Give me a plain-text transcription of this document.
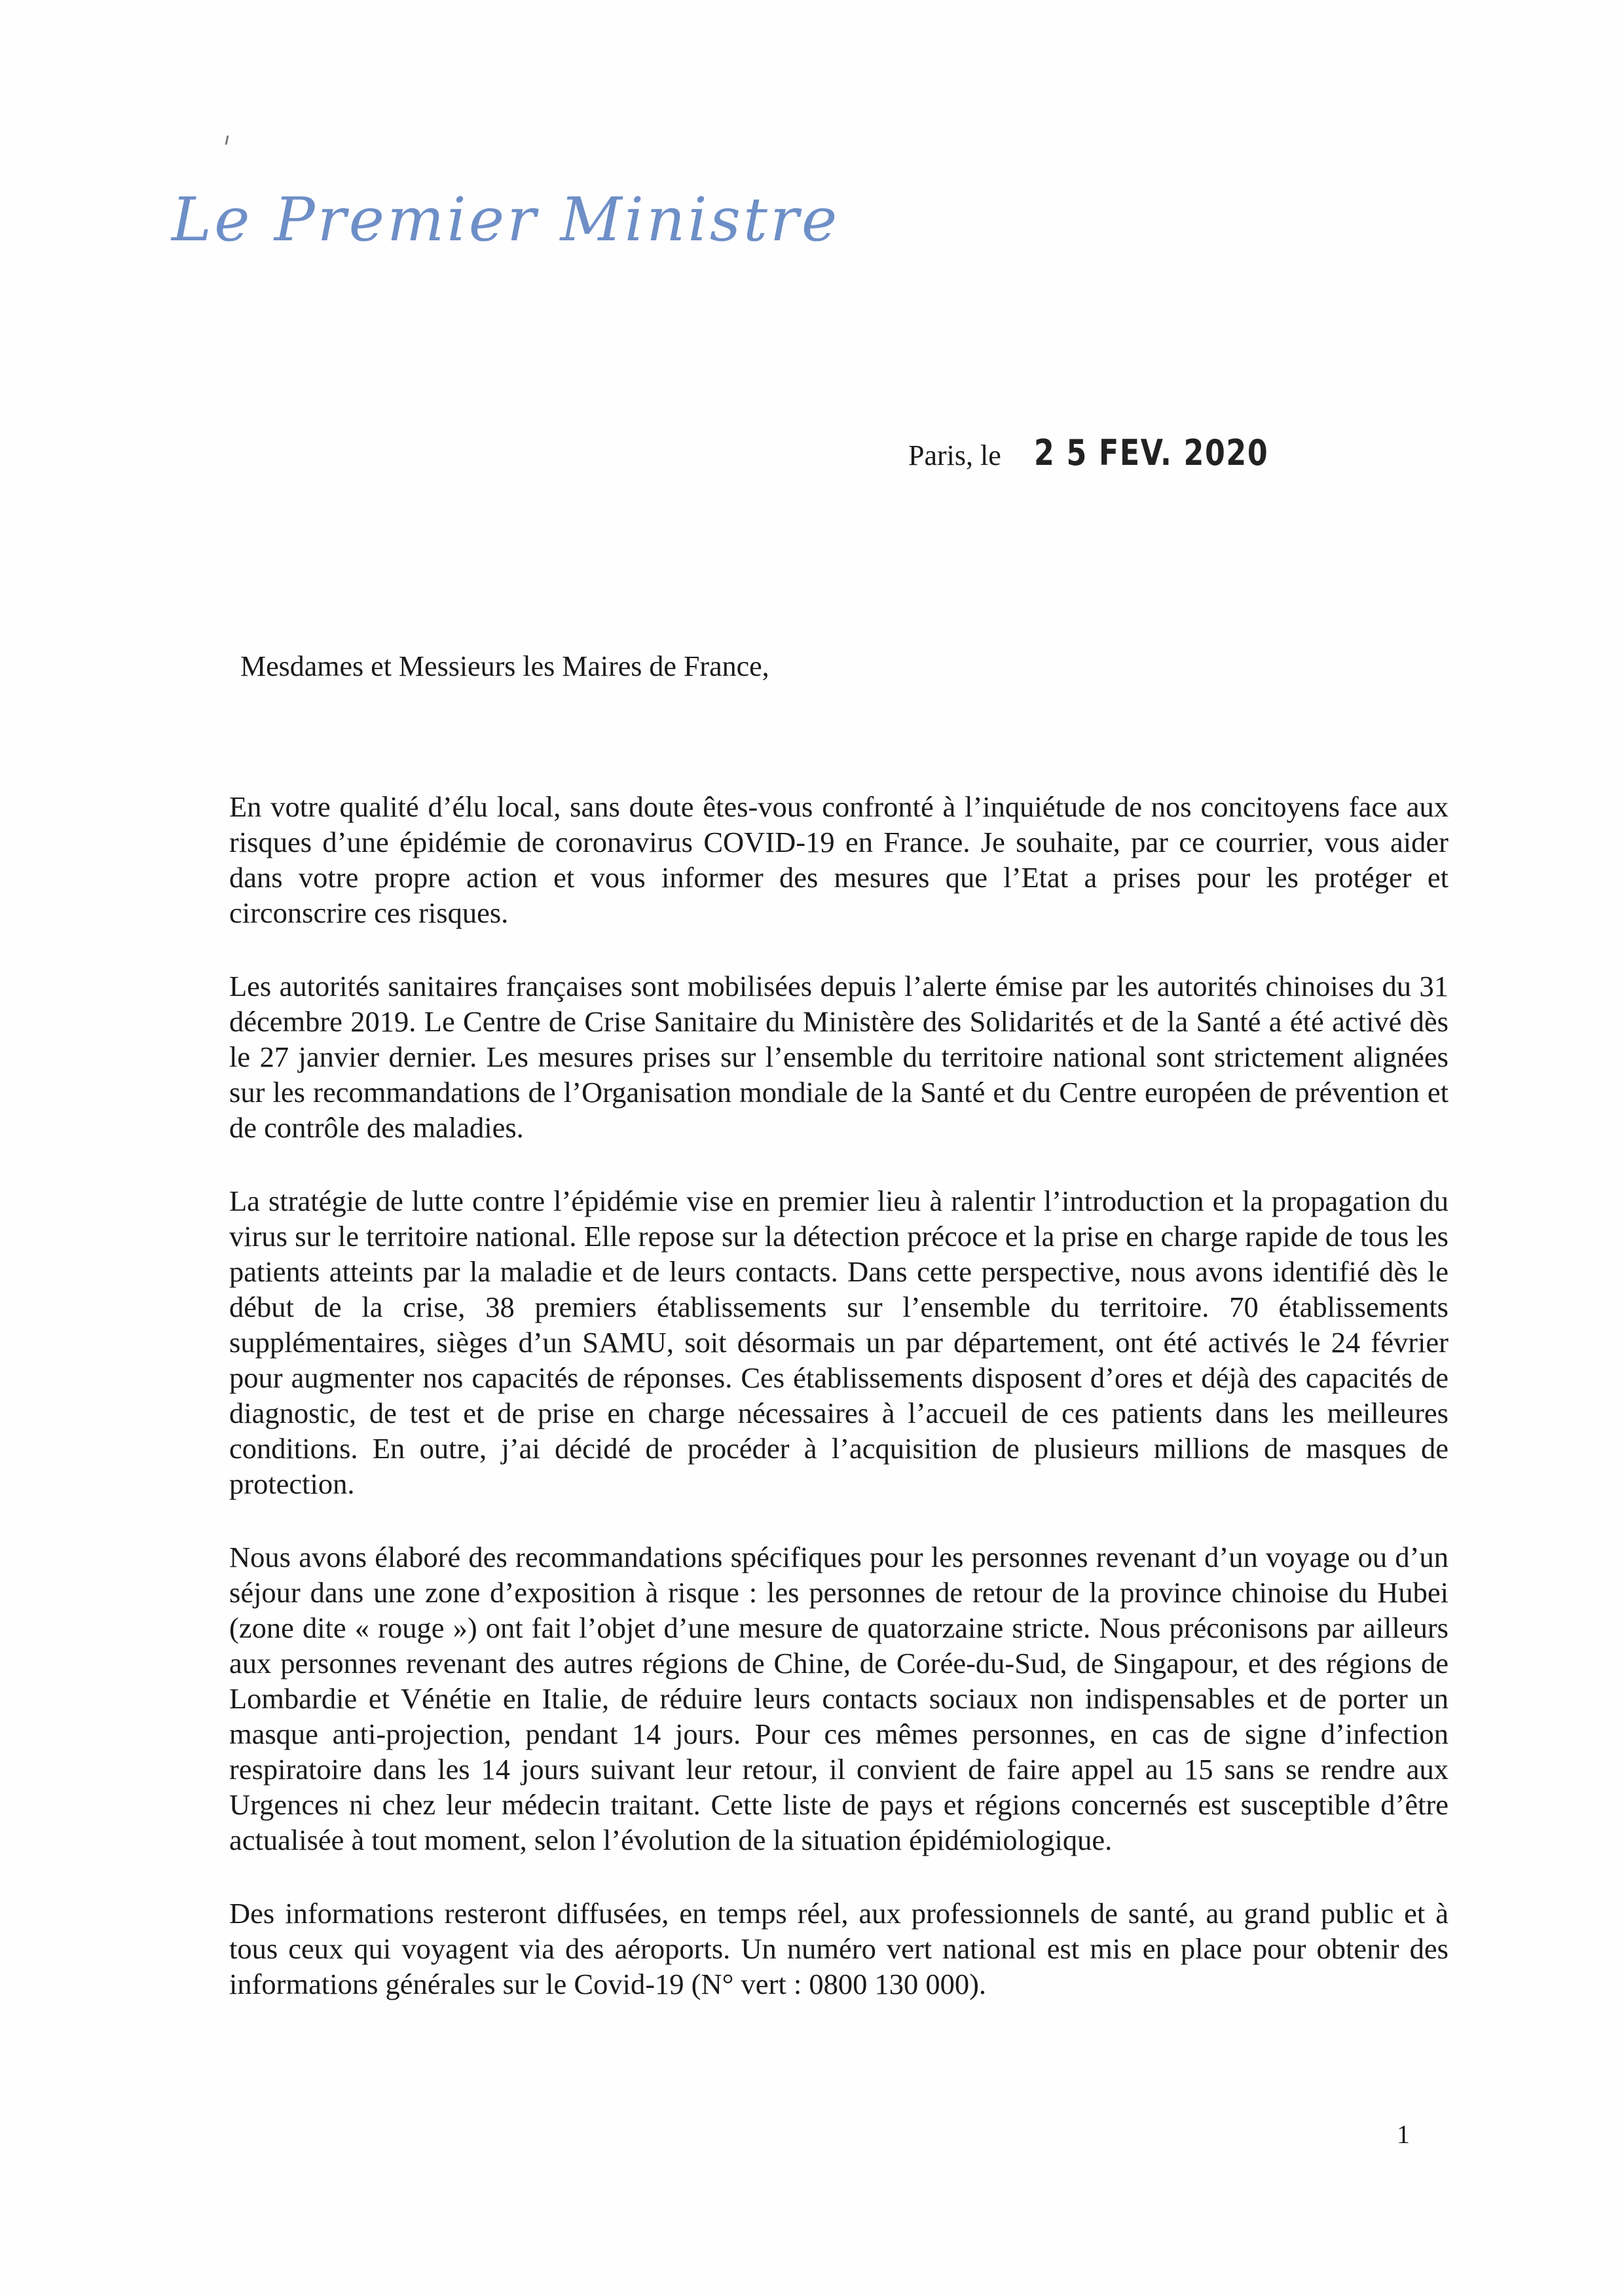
Le Premier Ministre
Paris, le 2 5 FEV. 2020
Mesdames et Messieurs les Maires de France,

En votre qualité d’élu local, sans doute êtes-vous confronté à l’inquiétude de nos concitoyens face aux risques d’une épidémie de coronavirus COVID-19 en France. Je souhaite, par ce courrier, vous aider dans votre propre action et vous informer des mesures que l’Etat a prises pour les protéger et circonscrire ces risques.

Les autorités sanitaires françaises sont mobilisées depuis l’alerte émise par les autorités chinoises du 31 décembre 2019. Le Centre de Crise Sanitaire du Ministère des Solidarités et de la Santé a été activé dès le 27 janvier dernier. Les mesures prises sur l’ensemble du territoire national sont strictement alignées sur les recommandations de l’Organisation mondiale de la Santé et du Centre européen de prévention et de contrôle des maladies.

La stratégie de lutte contre l’épidémie vise en premier lieu à ralentir l’introduction et la propagation du virus sur le territoire national. Elle repose sur la détection précoce et la prise en charge rapide de tous les patients atteints par la maladie et de leurs contacts. Dans cette perspective, nous avons identifié dès le début de la crise, 38 premiers établissements sur l’ensemble du territoire. 70 établissements supplémentaires, sièges d’un SAMU, soit désormais un par département, ont été activés le 24 février pour augmenter nos capacités de réponses. Ces établissements disposent d’ores et déjà des capacités de diagnostic, de test et de prise en charge nécessaires à l’accueil de ces patients dans les meilleures conditions. En outre, j’ai décidé de procéder à l’acquisition de plusieurs millions de masques de protection.

Nous avons élaboré des recommandations spécifiques pour les personnes revenant d’un voyage ou d’un séjour dans une zone d’exposition à risque : les personnes de retour de la province chinoise du Hubei (zone dite « rouge ») ont fait l’objet d’une mesure de quatorzaine stricte. Nous préconisons par ailleurs aux personnes revenant des autres régions de Chine, de Corée-du-Sud, de Singapour, et des régions de Lombardie et Vénétie en Italie, de réduire leurs contacts sociaux non indispensables et de porter un masque anti-projection, pendant 14 jours. Pour ces mêmes personnes, en cas de signe d’infection respiratoire dans les 14 jours suivant leur retour, il convient de faire appel au 15 sans se rendre aux Urgences ni chez leur médecin traitant. Cette liste de pays et régions concernés est susceptible d’être actualisée à tout moment, selon l’évolution de la situation épidémiologique.

Des informations resteront diffusées, en temps réel, aux professionnels de santé, au grand public et à tous ceux qui voyagent via des aéroports. Un numéro vert national est mis en place pour obtenir des informations générales sur le Covid-19 (N° vert : 0800 130 000).

1
